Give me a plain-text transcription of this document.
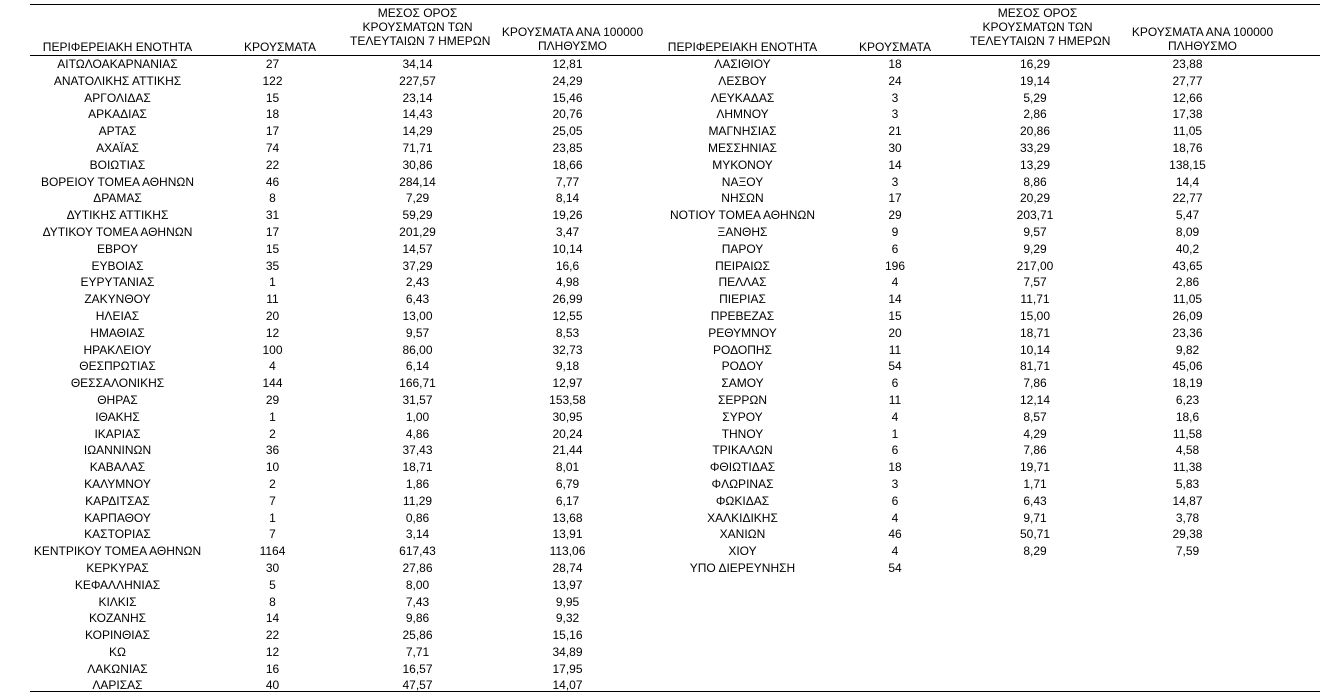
ΠΕΡΙΦΕΡΕΙΑΚΗ ΕΝΟΤΗΤΑ	ΚΡΟΥΣΜΑΤΑ
ΜΕΣΟΣ ΟΡΟΣ
ΚΡΟΥΣΜΑΤΩΝ ΤΩΝ
ΤΕΛΕΥΤΑΙΩΝ 7 ΗΜΕΡΩΝ
ΚΡΟΥΣΜΑΤΑ ΑΝΑ 100000
ΠΛΗΘΥΣΜΟ	ΠΕΡΙΦΕΡΕΙΑΚΗ ΕΝΟΤΗΤΑ	ΚΡΟΥΣΜΑΤΑ
ΜΕΣΟΣ ΟΡΟΣ
ΚΡΟΥΣΜΑΤΩΝ ΤΩΝ
ΤΕΛΕΥΤΑΙΩΝ 7 ΗΜΕΡΩΝ
ΚΡΟΥΣΜΑΤΑ ΑΝΑ 100000
ΠΛΗΘΥΣΜΟ
ΑΙΤΩΛΟΑΚΑΡΝΑΝΙΑΣ	27	34,14	12,81
ΑΝΑΤΟΛΙΚΗΣ ΑΤΤΙΚΗΣ	122	227,57	24,29
ΑΡΓΟΛΙΔΑΣ	15	23,14	15,46
ΑΡΚΑΔΙΑΣ	18	14,43	20,76
ΑΡΤΑΣ	17	14,29	25,05
ΑΧΑΪΑΣ	74	71,71	23,85
ΒΟΙΩΤΙΑΣ	22	30,86	18,66
ΒΟΡΕΙΟΥ ΤΟΜΕΑ ΑΘΗΝΩΝ	46	284,14	7,77
ΔΡΑΜΑΣ	8	7,29	8,14
ΔΥΤΙΚΗΣ ΑΤΤΙΚΗΣ	31	59,29	19,26
ΔΥΤΙΚΟΥ ΤΟΜΕΑ ΑΘΗΝΩΝ	17	201,29	3,47
ΕΒΡΟΥ	15	14,57	10,14
ΕΥΒΟΙΑΣ	35	37,29	16,6
ΕΥΡΥΤΑΝΙΑΣ	1	2,43	4,98
ΖΑΚΥΝΘΟΥ	11	6,43	26,99
ΗΛΕΙΑΣ	20	13,00	12,55
ΗΜΑΘΙΑΣ	12	9,57	8,53
ΗΡΑΚΛΕΙΟΥ	100	86,00	32,73
ΘΕΣΠΡΩΤΙΑΣ	4	6,14	9,18
ΘΕΣΣΑΛΟΝΙΚΗΣ	144	166,71	12,97
ΘΗΡΑΣ	29	31,57	153,58
ΙΘΑΚΗΣ	1	1,00	30,95
ΙΚΑΡΙΑΣ	2	4,86	20,24
ΙΩΑΝΝΙΝΩΝ	36	37,43	21,44
ΚΑΒΑΛΑΣ	10	18,71	8,01
ΚΑΛΥΜΝΟΥ	2	1,86	6,79
ΚΑΡΔΙΤΣΑΣ	7	11,29	6,17
ΚΑΡΠΑΘΟΥ	1	0,86	13,68
ΚΑΣΤΟΡΙΑΣ	7	3,14	13,91
ΚΕΝΤΡΙΚΟΥ ΤΟΜΕΑ ΑΘΗΝΩΝ	1164	617,43	113,06
ΚΕΡΚΥΡΑΣ	30	27,86	28,74
ΚΕΦΑΛΛΗΝΙΑΣ	5	8,00	13,97
ΚΙΛΚΙΣ	8	7,43	9,95
ΚΟΖΑΝΗΣ	14	9,86	9,32
ΚΟΡΙΝΘΙΑΣ	22	25,86	15,16
ΚΩ	12	7,71	34,89
ΛΑΚΩΝΙΑΣ	16	16,57	17,95
ΛΑΡΙΣΑΣ	40	47,57	14,07
ΛΑΣΙΘΙΟΥ	18	16,29	23,88
ΛΕΣΒΟΥ	24	19,14	27,77
ΛΕΥΚΑΔΑΣ	3	5,29	12,66
ΛΗΜΝΟΥ	3	2,86	17,38
ΜΑΓΝΗΣΙΑΣ	21	20,86	11,05
ΜΕΣΣΗΝΙΑΣ	30	33,29	18,76
ΜΥΚΟΝΟΥ	14	13,29	138,15
ΝΑΞΟΥ	3	8,86	14,4
ΝΗΣΩΝ	17	20,29	22,77
ΝΟΤΙΟΥ ΤΟΜΕΑ ΑΘΗΝΩΝ	29	203,71	5,47
ΞΑΝΘΗΣ	9	9,57	8,09
ΠΑΡΟΥ	6	9,29	40,2
ΠΕΙΡΑΙΩΣ	196	217,00	43,65
ΠΕΛΛΑΣ	4	7,57	2,86
ΠΙΕΡΙΑΣ	14	11,71	11,05
ΠΡΕΒΕΖΑΣ	15	15,00	26,09
ΡΕΘΥΜΝΟΥ	20	18,71	23,36
ΡΟΔΟΠΗΣ	11	10,14	9,82
ΡΟΔΟΥ	54	81,71	45,06
ΣΑΜΟΥ	6	7,86	18,19
ΣΕΡΡΩΝ	11	12,14	6,23
ΣΥΡΟΥ	4	8,57	18,6
ΤΗΝΟΥ	1	4,29	11,58
ΤΡΙΚΑΛΩΝ	6	7,86	4,58
ΦΘΙΩΤΙΔΑΣ	18	19,71	11,38
ΦΛΩΡΙΝΑΣ	3	1,71	5,83
ΦΩΚΙΔΑΣ	6	6,43	14,87
ΧΑΛΚΙΔΙΚΗΣ	4	9,71	3,78
ΧΑΝΙΩΝ	46	50,71	29,38
ΧΙΟΥ	4	8,29	7,59
ΥΠΟ ΔΙΕΡΕΥΝΗΣΗ	54
